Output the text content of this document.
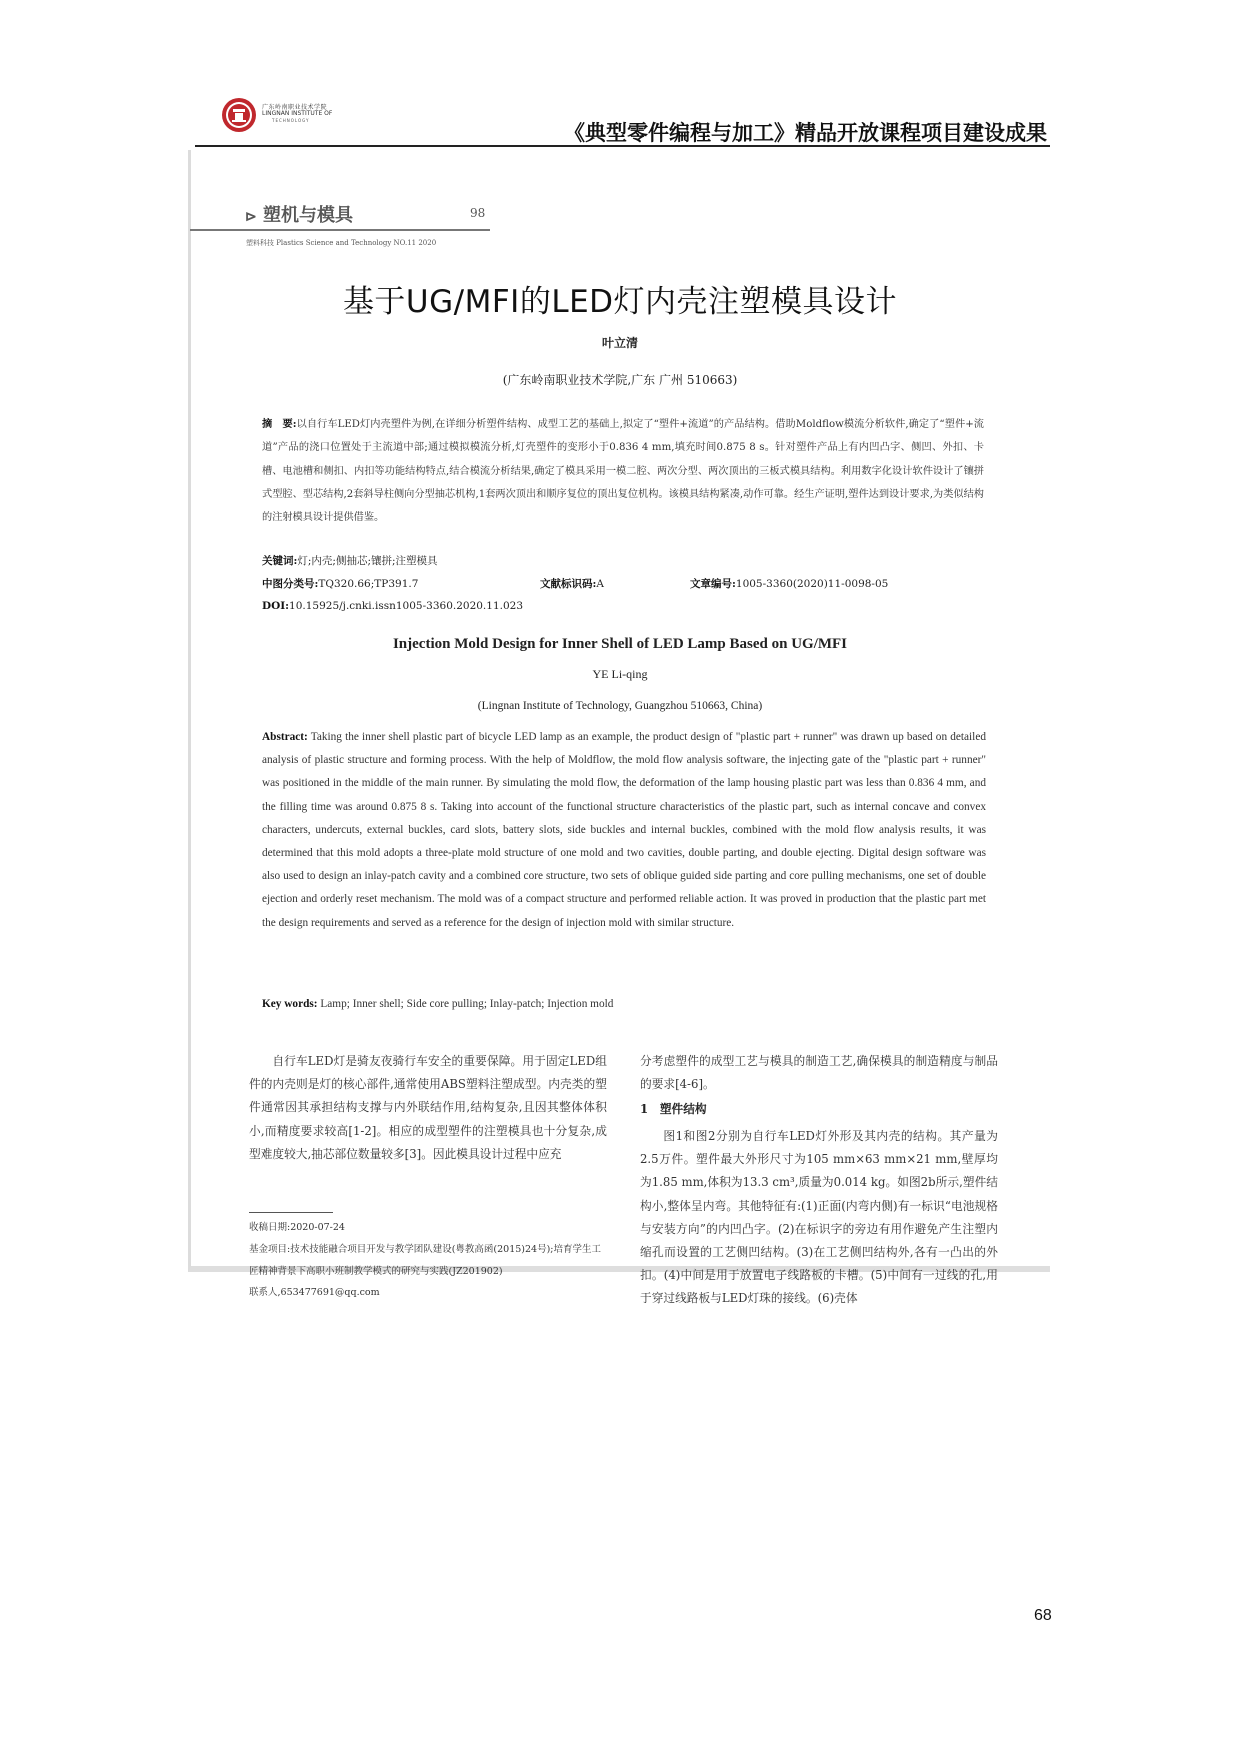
广东岭南职业技术学院
LINGNAN INSTITUTE OF
TECHNOLOGY
《典型零件编程与加工》精品开放课程项目建设成果
⊳ 塑机与模具	98
塑料科技 Plastics Science and Technology NO.11 2020
基于UG/MFI的LED灯内壳注塑模具设计
叶立清
(广东岭南职业技术学院,广东 广州 510663)
摘　要:以自行车LED灯内壳塑件为例,在详细分析塑件结构、成型工艺的基础上,拟定了“塑件+流道”的产品结构。借助Moldflow模流分析软件,确定了“塑件+流道”产品的浇口位置处于主流道中部;通过模拟模流分析,灯壳塑件的变形小于0.836 4 mm,填充时间0.875 8 s。针对塑件产品上有内凹凸字、侧凹、外扣、卡槽、电池槽和侧扣、内扣等功能结构特点,结合模流分析结果,确定了模具采用一模二腔、两次分型、两次顶出的三板式模具结构。利用数字化设计软件设计了镶拼式型腔、型芯结构,2套斜导柱侧向分型抽芯机构,1套两次顶出和顺序复位的顶出复位机构。该模具结构紧凑,动作可靠。经生产证明,塑件达到设计要求,为类似结构的注射模具设计提供借鉴。
关键词:灯;内壳;侧抽芯;镶拼;注塑模具
中图分类号:TQ320.66;TP391.7	文献标识码:A	文章编号:1005-3360(2020)11-0098-05
DOI:10.15925/j.cnki.issn1005-3360.2020.11.023
Injection Mold Design for Inner Shell of LED Lamp Based on UG/MFI
YE Li-qing
(Lingnan Institute of Technology, Guangzhou 510663, China)
Abstract: Taking the inner shell plastic part of bicycle LED lamp as an example, the product design of "plastic part + runner" was drawn up based on detailed analysis of plastic structure and forming process. With the help of Moldflow, the mold flow analysis software, the injecting gate of the "plastic part + runner" was positioned in the middle of the main runner. By simulating the mold flow, the deformation of the lamp housing plastic part was less than 0.836 4 mm, and the filling time was around 0.875 8 s. Taking into account of the functional structure characteristics of the plastic part, such as internal concave and convex characters, undercuts, external buckles, card slots, battery slots, side buckles and internal buckles, combined with the mold flow analysis results, it was determined that this mold adopts a three-plate mold structure of one mold and two cavities, double parting, and double ejecting. Digital design software was also used to design an inlay-patch cavity and a combined core structure, two sets of oblique guided side parting and core pulling mechanisms, one set of double ejection and orderly reset mechanism. The mold was of a compact structure and performed reliable action. It was proved in production that the plastic part met the design requirements and served as a reference for the design of injection mold with similar structure.
Key words: Lamp; Inner shell; Side core pulling; Inlay-patch; Injection mold
自行车LED灯是骑友夜骑行车安全的重要保障。用于固定LED组件的内壳则是灯的核心部件,通常使用ABS塑料注塑成型。内壳类的塑件通常因其承担结构支撑与内外联结作用,结构复杂,且因其整体体积小,而精度要求较高[1-2]。相应的成型塑件的注塑模具也十分复杂,成型难度较大,抽芯部位数量较多[3]。因此模具设计过程中应充
收稿日期:2020-07-24
基金项目:技术技能融合项目开发与教学团队建设(粤教高函(2015)24号);培育学生工匠精神背景下高职小班制教学模式的研究与实践(JZ201902)
联系人,653477691@qq.com
分考虑塑件的成型工艺与模具的制造工艺,确保模具的制造精度与制品的要求[4-6]。
1　塑件结构
图1和图2分别为自行车LED灯外形及其内壳的结构。其产量为2.5万件。塑件最大外形尺寸为105 mm×63 mm×21 mm,壁厚均为1.85 mm,体积为13.3 cm³,质量为0.014 kg。如图2b所示,塑件结构小,整体呈内弯。其他特征有:(1)正面(内弯内侧)有一标识“电池规格与安装方向”的内凹凸字。(2)在标识字的旁边有用作避免产生注塑内缩孔而设置的工艺侧凹结构。(3)在工艺侧凹结构外,各有一凸出的外扣。(4)中间是用于放置电子线路板的卡槽。(5)中间有一过线的孔,用于穿过线路板与LED灯珠的接线。(6)壳体
68
